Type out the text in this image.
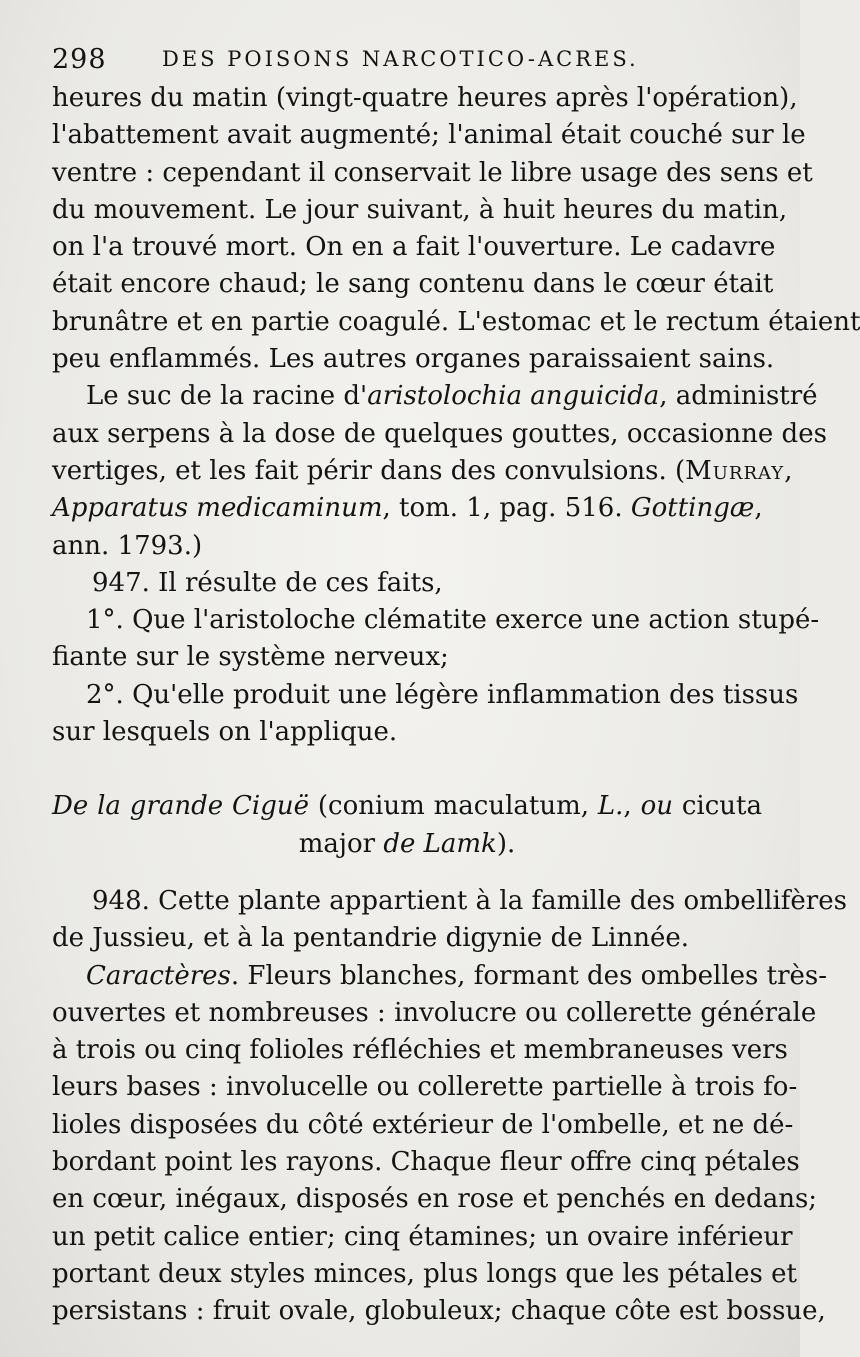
298	DES POISONS NARCOTICO-ACRES.
heures du matin (vingt-quatre heures après l'opération),
l'abattement avait augmenté; l'animal était couché sur le
ventre : cependant il conservait le libre usage des sens et
du mouvement. Le jour suivant, à huit heures du matin,
on l'a trouvé mort. On en a fait l'ouverture. Le cadavre
était encore chaud; le sang contenu dans le cœur était
brunâtre et en partie coagulé. L'estomac et le rectum étaient
peu enflammés. Les autres organes paraissaient sains.
Le suc de la racine d'aristolochia anguicida, administré
aux serpens à la dose de quelques gouttes, occasionne des
vertiges, et les fait périr dans des convulsions. (Murray,
Apparatus medicaminum, tom. 1, pag. 516. Gottingæ,
ann. 1793.)
947. Il résulte de ces faits,
1°. Que l'aristoloche clématite exerce une action stupé-
fiante sur le système nerveux;
2°. Qu'elle produit une légère inflammation des tissus
sur lesquels on l'applique.
De la grande Ciguë (conium maculatum, L., ou cicuta
major de Lamk).
948. Cette plante appartient à la famille des ombellifères
de Jussieu, et à la pentandrie digynie de Linnée.
Caractères. Fleurs blanches, formant des ombelles très-
ouvertes et nombreuses : involucre ou collerette générale
à trois ou cinq folioles réfléchies et membraneuses vers
leurs bases : involucelle ou collerette partielle à trois fo-
lioles disposées du côté extérieur de l'ombelle, et ne dé-
bordant point les rayons. Chaque fleur offre cinq pétales
en cœur, inégaux, disposés en rose et penchés en dedans;
un petit calice entier; cinq étamines; un ovaire inférieur
portant deux styles minces, plus longs que les pétales et
persistans : fruit ovale, globuleux; chaque côte est bossue,
